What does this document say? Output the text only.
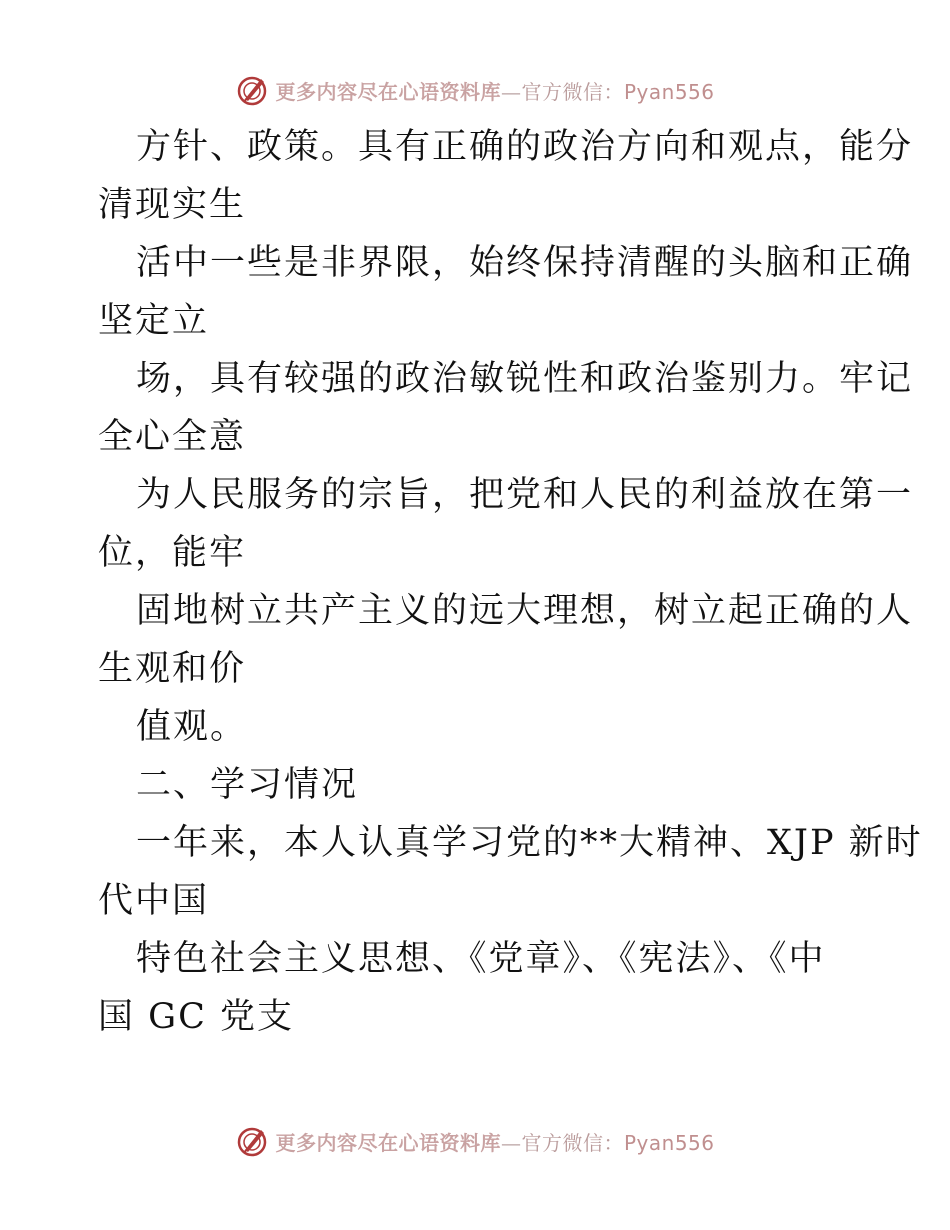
更多内容尽在心语资料库—官方微信：Pyan556
方针、政策。具有正确的政治方向和观点，能分
清现实生
活中一些是非界限，始终保持清醒的头脑和正确
坚定立
场，具有较强的政治敏锐性和政治鉴别力。牢记
全心全意
为人民服务的宗旨，把党和人民的利益放在第一
位，能牢
固地树立共产主义的远大理想，树立起正确的人
生观和价
值观。
二、学习情况
一年来，本人认真学习党的**大精神、XJP 新时
代中国
特色社会主义思想、《党章》、《宪法》、《中
国 GC 党支
更多内容尽在心语资料库—官方微信：Pyan556
